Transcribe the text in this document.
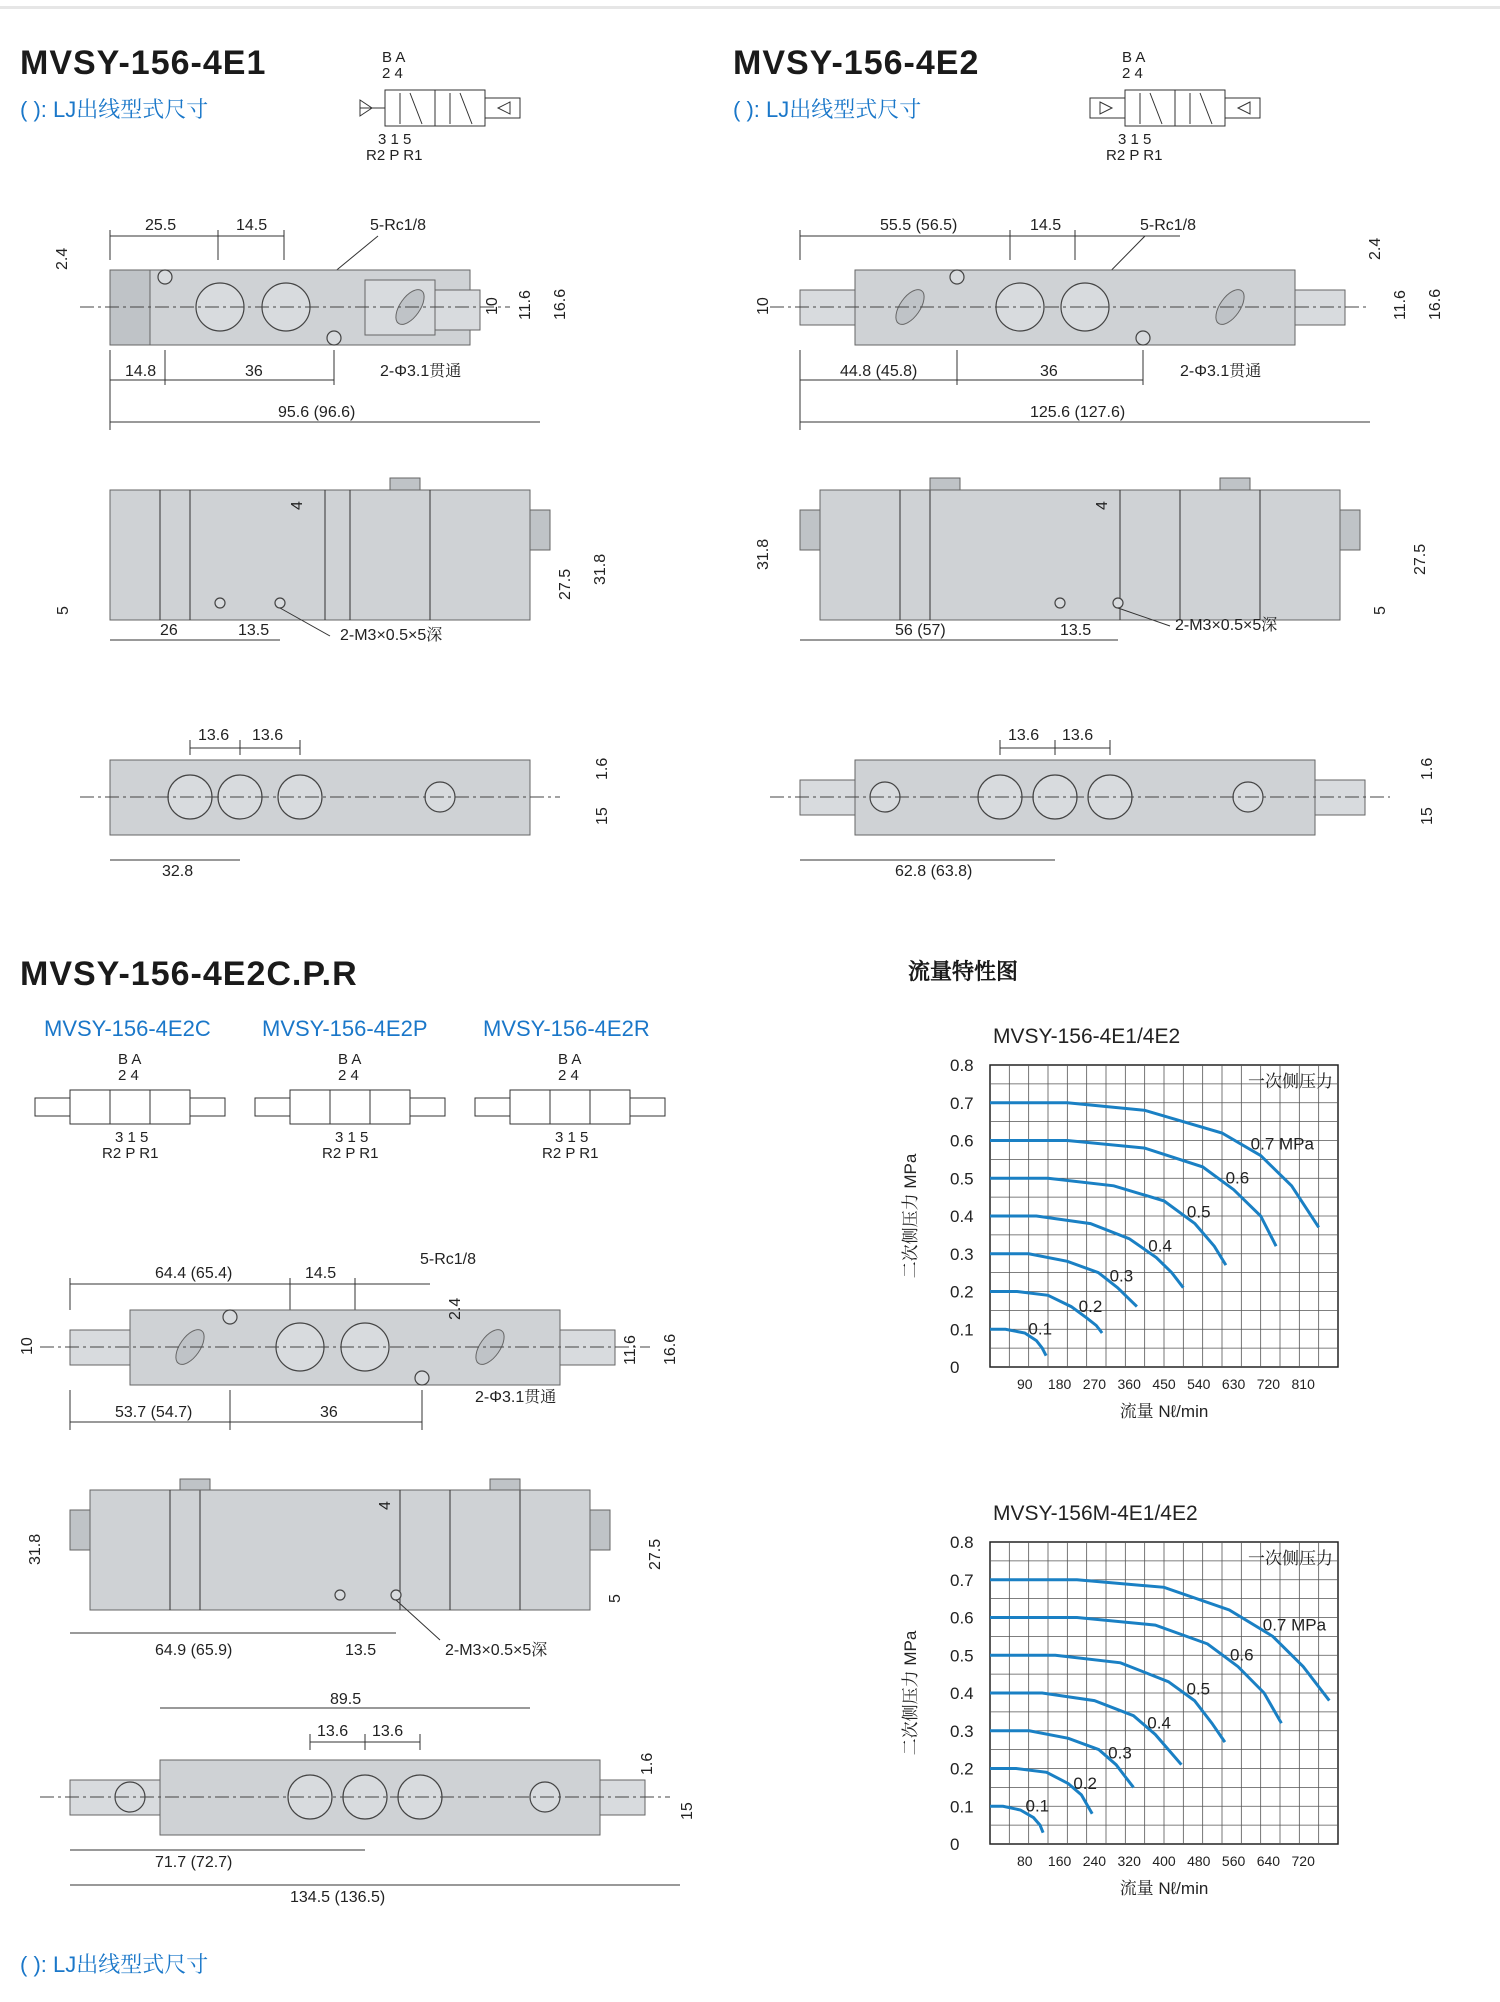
MVSY-156-4E1
( ): LJ出线型式尺寸
B A
2 4
3 1 5
R2 P R1
25.5	14.5	5-Rc1/8
2.4
10 11.6 16.6
14.8	36	2-Φ3.1贯通
95.6 (96.6)
4
27.5 31.8
5
26	13.5	2-M3×0.5×5深
13.6 13.6
1.6
15
32.8
MVSY-156-4E2
( ): LJ出线型式尺寸
B A
2 4
3 1 5
R2 P R1
55.5 (56.5)	14.5	5-Rc1/8
10
2.4
11.6 16.6
44.8 (45.8)	36	2-Φ3.1贯通
125.6 (127.6)
4
31.8	27.5
5
56 (57)	13.5	2-M3×0.5×5深
13.6 13.6
1.6
15
62.8 (63.8)
MVSY-156-4E2C.P.R
MVSY-156-4E2C MVSY-156-4E2P	MVSY-156-4E2R
B A
2 4
3 1 5
R2 P R1
B A
2 4
3 1 5
R2 P R1
B A
2 4
3 1 5
R2 P R1
64.4 (65.4)	14.5
5-Rc1/8
10
2.4
11.6 16.6
53.7 (54.7)	36
2-Φ3.1贯通
4
31.8	27.5
5
64.9 (65.9)	13.5	2-M3×0.5×5深
89.5
13.6 13.6
1.6
15
71.7 (72.7)
134.5 (136.5)
( ): LJ出线型式尺寸
流量特性图
MVSY-156-4E1/4E2
0
0.1
0.2
0.3
0.4
0.5
0.6
0.7
0.8
90 180 270 360 450 540 630 720 810
流量 Nℓ/min
二次侧压力 MPa
一次侧压力
0.7 MPa
0.6
0.5
0.4
0.3
0.2
0.1
MVSY-156M-4E1/4E2
0
0.1
0.2
0.3
0.4
0.5
0.6
0.7
0.8
80 160 240 320 400 480 560 640 720
流量 Nℓ/min
二次侧压力 MPa
一次侧压力
0.7 MPa
0.6
0.5
0.4
0.3
0.2
0.1
